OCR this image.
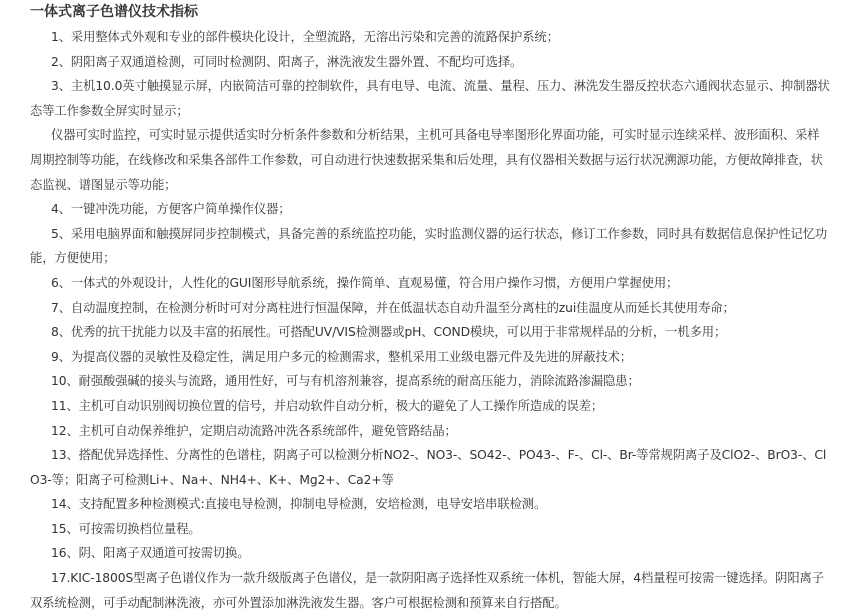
一体式离子色谱仪技术指标

1、采用整体式外观和专业的部件模块化设计，全塑流路，无溶出污染和完善的流路保护系统；

2、阴阳离子双通道检测，可同时检测阴、阳离子，淋洗液发生器外置、不配均可选择。

3、主机10.0英寸触摸显示屏，内嵌简洁可靠的控制软件，具有电导、电流、流量、量程、压力、淋洗发生器反控状态六通阀状态显示、抑制器状态等工作参数全屏实时显示；

仪器可实时监控，可实时显示提供适实时分析条件参数和分析结果，主机可具备电导率图形化界面功能，可实时显示连续采样、波形面积、采样周期控制等功能，在线修改和采集各部件工作参数，可自动进行快速数据采集和后处理，具有仪器相关数据与运行状况溯源功能，方便故障排查，状态监视、谱图显示等功能；

4、一键冲洗功能，方便客户简单操作仪器；

5、采用电脑界面和触摸屏同步控制模式，具备完善的系统监控功能，实时监测仪器的运行状态，修订工作参数，同时具有数据信息保护性记忆功能，方便使用；

6、一体式的外观设计，人性化的GUI图形导航系统，操作简单、直观易懂，符合用户操作习惯，方便用户掌握使用；

7、自动温度控制，在检测分析时可对分离柱进行恒温保障，并在低温状态自动升温至分离柱的zui佳温度从而延长其使用寿命；

8、优秀的抗干扰能力以及丰富的拓展性。可搭配UV/VIS检测器或pH、COND模块，可以用于非常规样品的分析，一机多用；

9、为提高仪器的灵敏性及稳定性，满足用户多元的检测需求，整机采用工业级电器元件及先进的屏蔽技术；

10、耐强酸强碱的接头与流路，通用性好，可与有机溶剂兼容，提高系统的耐高压能力，消除流路渗漏隐患；

11、主机可自动识别阀切换位置的信号，并启动软件自动分析，极大的避免了人工操作所造成的误差；

12、主机可自动保养维护，定期启动流路冲洗各系统部件，避免管路结晶；

13、搭配优异选择性、分离性的色谱柱，阴离子可以检测分析NO2-、NO3-、SO42-、PO43-、F-、Cl-、Br-等常规阴离子及ClO2-、BrO3-、ClO3-等；阳离子可检测Li+、Na+、NH4+、K+、Mg2+、Ca2+等

14、支持配置多种检测模式:直接电导检测，抑制电导检测，安培检测，电导安培串联检测。

15、可按需切换档位量程。

16、阴、阳离子双通道可按需切换。

17.KIC-1800S型离子色谱仪作为一款升级版离子色谱仪，是一款阴阳离子选择性双系统一体机，智能大屏，4档量程可按需一键选择。阴阳离子双系统检测，可手动配制淋洗液，亦可外置添加淋洗液发生器。客户可根据检测和预算来自行搭配。
